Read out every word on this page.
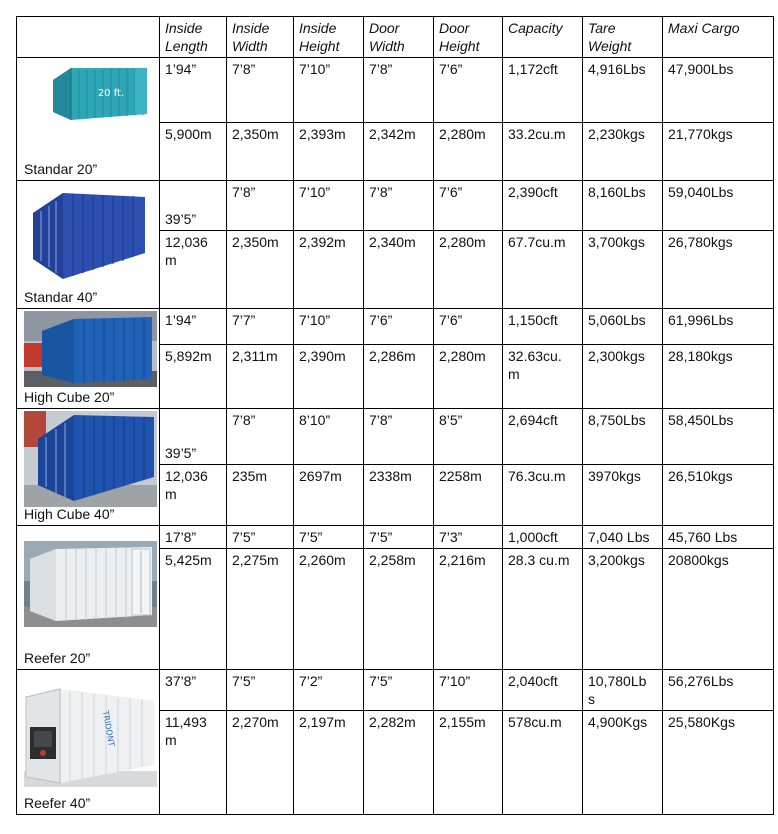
	Inside Length	Inside Width	Inside Height	Door Width	Door Height	Capacity	Tare Weight	Maxi Cargo

20 ft.
Standar 20”	1’94”	7’8”	7’10”	7’8”	7’6”	1,172cft	4,916Lbs	47,900Lbs
	5,900m	2,350m	2,393m	2,342m	2,280m	33.2cu.m	2,230kgs	21,770kgs

Standar 40”	39’5”	7’8”	7’10”	7’8”	7’6”	2,390cft	8,160Lbs	59,040Lbs
	12,036 m	2,350m	2,392m	2,340m	2,280m	67.7cu.m	3,700kgs	26,780kgs

High Cube 20”	1’94”	7’7”	7’10”	7’6”	7’6”	1,150cft	5,060Lbs	61,996Lbs
	5,892m	2,311m	2,390m	2,286m	2,280m	32.63cu. m	2,300kgs	28,180kgs

High Cube 40”	39’5”	7’8”	8’10”	7’8”	8’5”	2,694cft	8,750Lbs	58,450Lbs
	12,036 m	235m	2697m	2338m	2258m	76.3cu.m	3970kgs	26,510kgs

Reefer 20”	17’8”	7’5”	7’5”	7’5”	7’3”	1,000cft	7,040 Lbs	45,760 Lbs
	5,425m	2,275m	2,260m	2,258m	2,216m	28.3 cu.m	3,200kgs	20800kgs

TRIDONT
Reefer 40”	37’8”	7’5”	7’2”	7’5”	7’10”	2,040cft	10,780Lb s	56,276Lbs
	11,493 m	2,270m	2,197m	2,282m	2,155m	578cu.m	4,900Kgs	25,580Kgs
